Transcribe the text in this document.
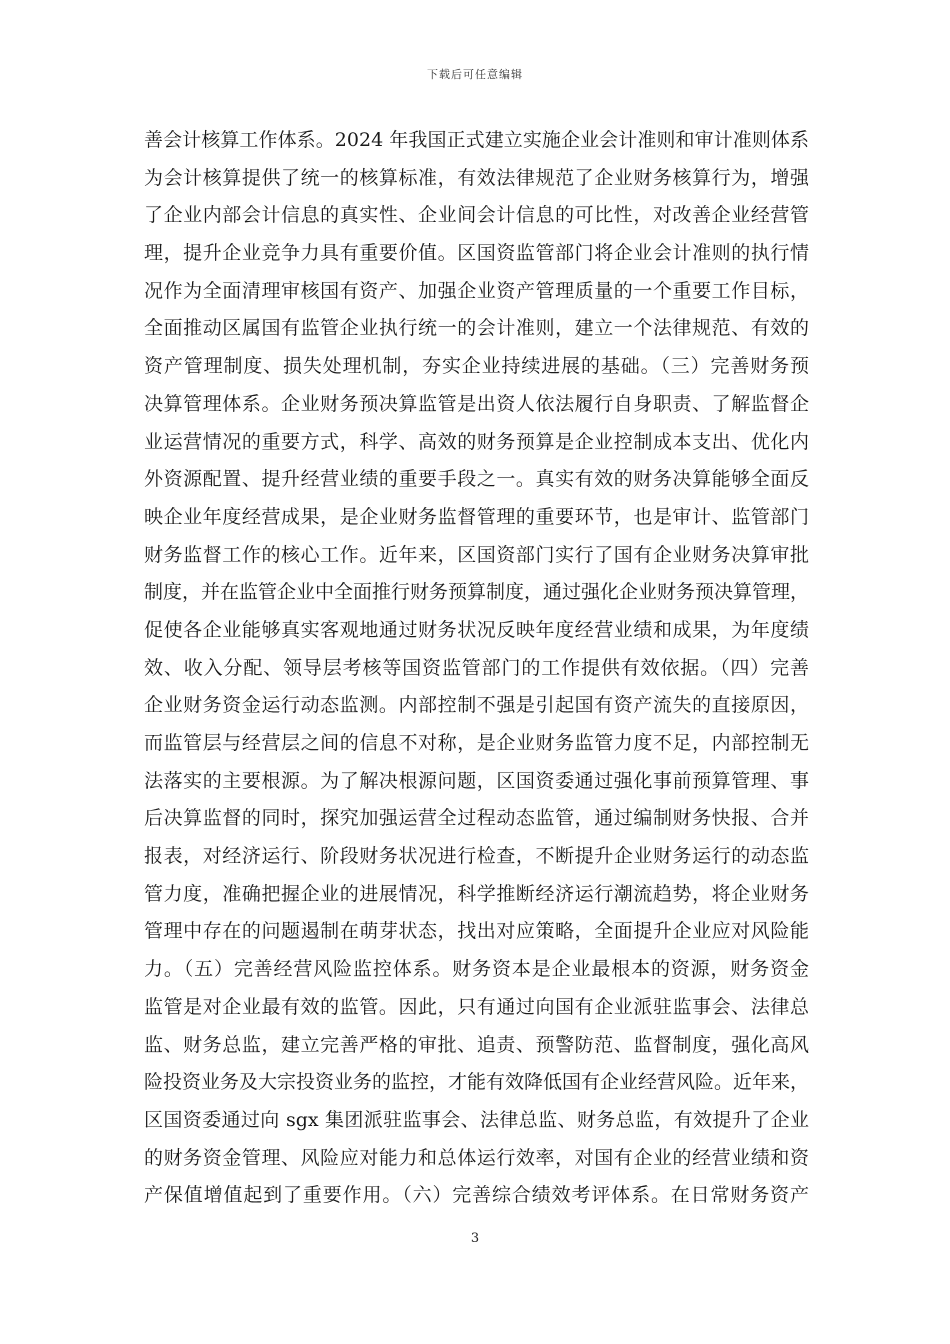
下载后可任意编辑
善会计核算工作体系。2024 年我国正式建立实施企业会计准则和审计准则体系
为会计核算提供了统一的核算标准，有效法律规范了企业财务核算行为，增强
了企业内部会计信息的真实性、企业间会计信息的可比性，对改善企业经营管
理，提升企业竞争力具有重要价值。区国资监管部门将企业会计准则的执行情
况作为全面清理审核国有资产、加强企业资产管理质量的一个重要工作目标，
全面推动区属国有监管企业执行统一的会计准则，建立一个法律规范、有效的
资产管理制度、损失处理机制，夯实企业持续进展的基础。（三）完善财务预
决算管理体系。企业财务预决算监管是出资人依法履行自身职责、了解监督企
业运营情况的重要方式，科学、高效的财务预算是企业控制成本支出、优化内
外资源配置、提升经营业绩的重要手段之一。真实有效的财务决算能够全面反
映企业年度经营成果，是企业财务监督管理的重要环节，也是审计、监管部门
财务监督工作的核心工作。近年来，区国资部门实行了国有企业财务决算审批
制度，并在监管企业中全面推行财务预算制度，通过强化企业财务预决算管理，
促使各企业能够真实客观地通过财务状况反映年度经营业绩和成果，为年度绩
效、收入分配、领导层考核等国资监管部门的工作提供有效依据。（四）完善
企业财务资金运行动态监测。内部控制不强是引起国有资产流失的直接原因，
而监管层与经营层之间的信息不对称，是企业财务监管力度不足，内部控制无
法落实的主要根源。为了解决根源问题，区国资委通过强化事前预算管理、事
后决算监督的同时，探究加强运营全过程动态监管，通过编制财务快报、合并
报表，对经济运行、阶段财务状况进行检查，不断提升企业财务运行的动态监
管力度，准确把握企业的进展情况，科学推断经济运行潮流趋势，将企业财务
管理中存在的问题遏制在萌芽状态，找出对应策略，全面提升企业应对风险能
力。（五）完善经营风险监控体系。财务资本是企业最根本的资源，财务资金
监管是对企业最有效的监管。因此，只有通过向国有企业派驻监事会、法律总
监、财务总监，建立完善严格的审批、追责、预警防范、监督制度，强化高风
险投资业务及大宗投资业务的监控，才能有效降低国有企业经营风险。近年来，
区国资委通过向 sgx 集团派驻监事会、法律总监、财务总监，有效提升了企业
的财务资金管理、风险应对能力和总体运行效率，对国有企业的经营业绩和资
产保值增值起到了重要作用。（六）完善综合绩效考评体系。在日常财务资产
3
